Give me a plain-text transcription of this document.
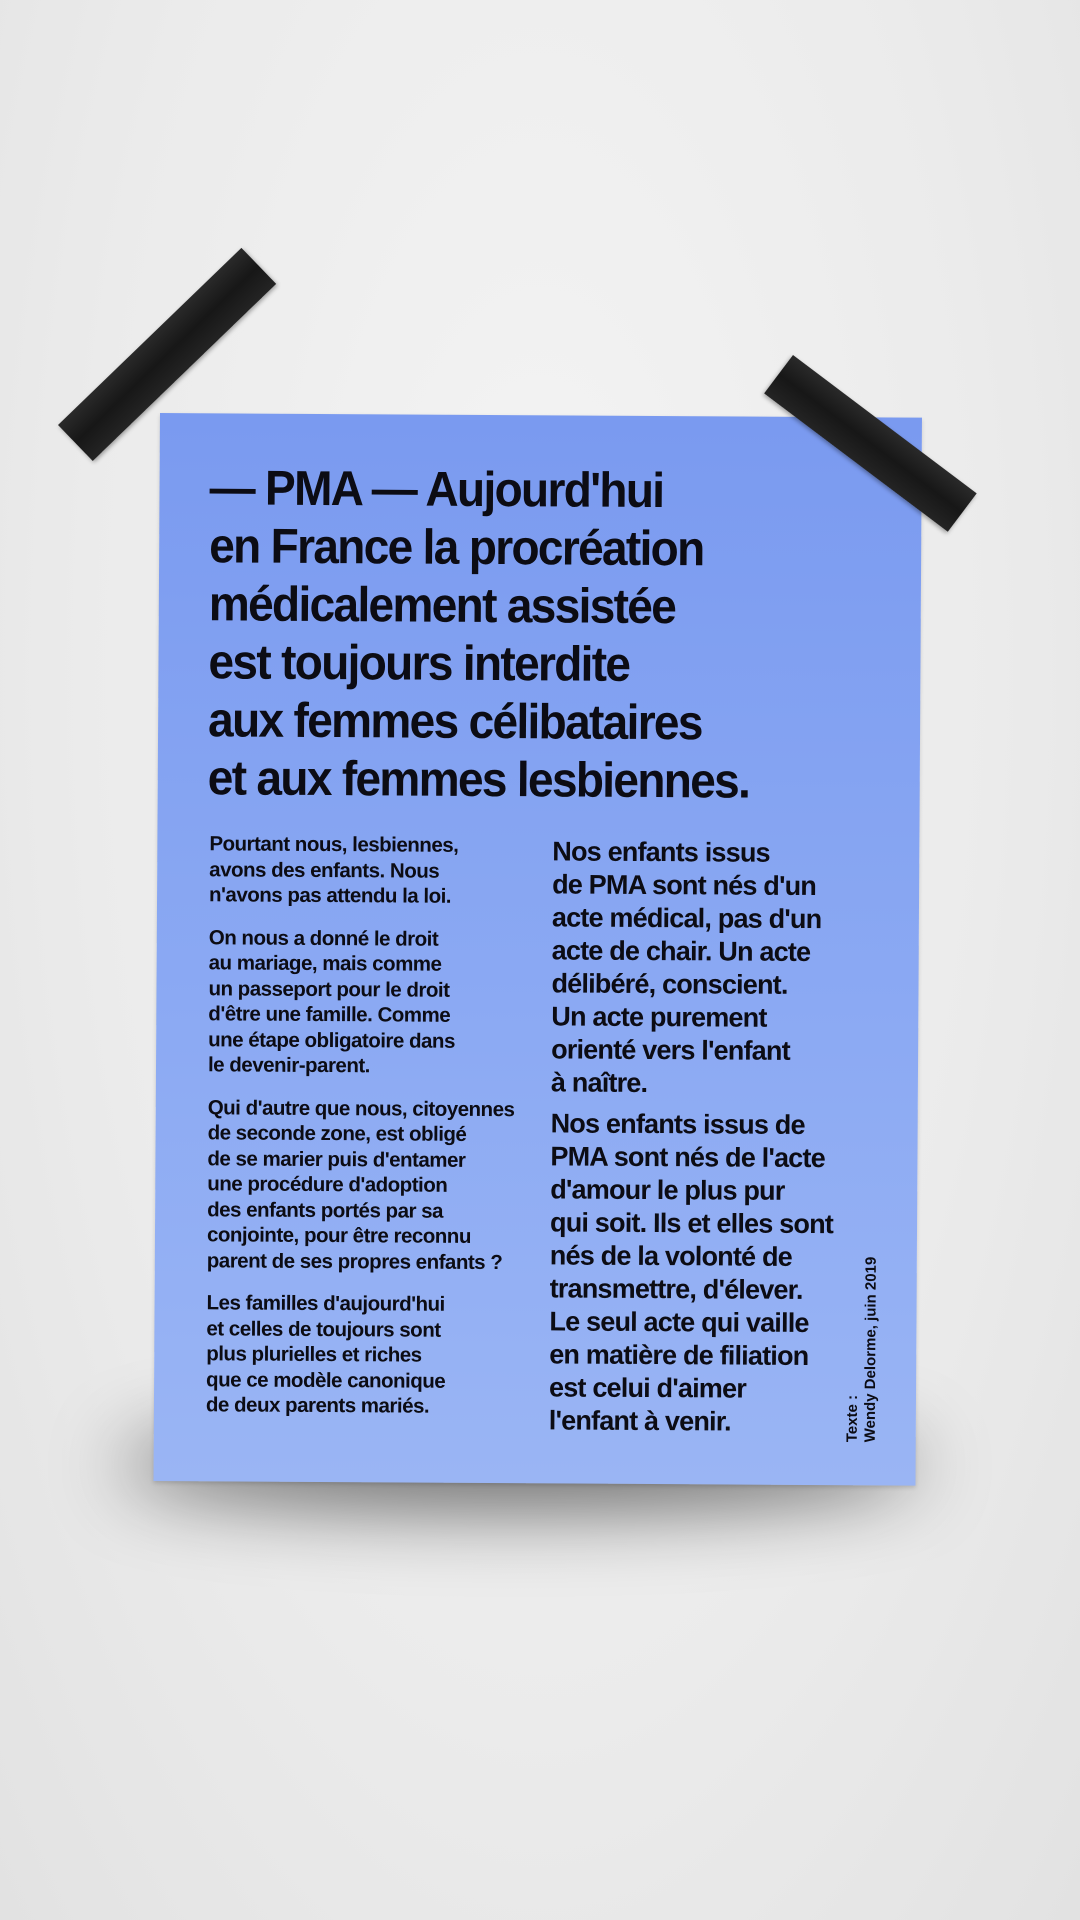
— PMA — Aujourd'hui
en France la procréation
médicalement assistée
est toujours interdite
aux femmes célibataires
et aux femmes lesbiennes.

Pourtant nous, lesbiennes,
avons des enfants. Nous
n'avons pas attendu la loi.

On nous a donné le droit
au mariage, mais comme
un passeport pour le droit
d'être une famille. Comme
une étape obligatoire dans
le devenir-parent.

Qui d'autre que nous, citoyennes
de seconde zone, est obligé
de se marier puis d'entamer
une procédure d'adoption
des enfants portés par sa
conjointe, pour être reconnu
parent de ses propres enfants ?

Les familles d'aujourd'hui
et celles de toujours sont
plus plurielles et riches
que ce modèle canonique
de deux parents mariés.

Nos enfants issus
de PMA sont nés d'un
acte médical, pas d'un
acte de chair. Un acte
délibéré, conscient.
Un acte purement
orienté vers l'enfant
à naître.

Nos enfants issus de
PMA sont nés de l'acte
d'amour le plus pur
qui soit. Ils et elles sont
nés de la volonté de
transmettre, d'élever.
Le seul acte qui vaille
en matière de filiation
est celui d'aimer
l'enfant à venir.	Texte : Wendy Delorme, juin 2019
